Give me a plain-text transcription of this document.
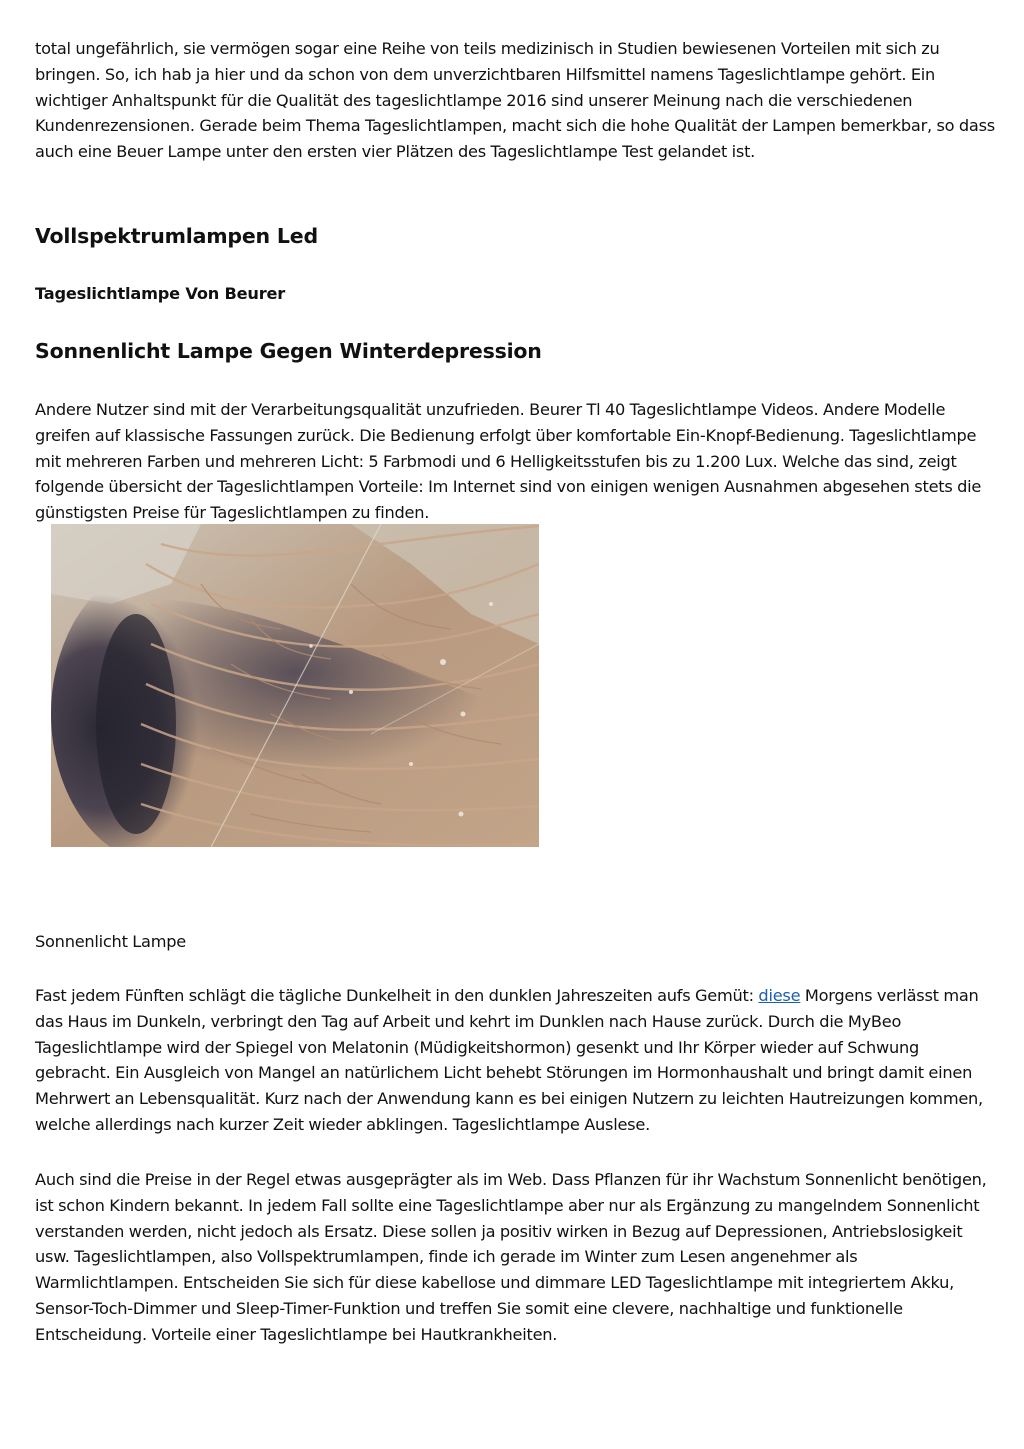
total ungefährlich, sie vermögen sogar eine Reihe von teils medizinisch in Studien bewiesenen Vorteilen mit sich zu bringen. So, ich hab ja hier und da schon von dem unverzichtbaren Hilfsmittel namens Tageslichtlampe gehört. Ein wichtiger Anhaltspunkt für die Qualität des tageslichtlampe 2016 sind unserer Meinung nach die verschiedenen Kundenrezensionen. Gerade beim Thema Tageslichtlampen, macht sich die hohe Qualität der Lampen bemerkbar, so dass auch eine Beuer Lampe unter den ersten vier Plätzen des Tageslichtlampe Test gelandet ist.

Vollspektrumlampen Led
Tageslichtlampe Von Beurer
Sonnenlicht Lampe Gegen Winterdepression

Andere Nutzer sind mit der Verarbeitungsqualität unzufrieden. Beurer Tl 40 Tageslichtlampe Videos. Andere Modelle greifen auf klassische Fassungen zurück. Die Bedienung erfolgt über komfortable Ein-Knopf-Bedienung. Tageslichtlampe mit mehreren Farben und mehreren Licht: 5 Farbmodi und 6 Helligkeitsstufen bis zu 1.200 Lux. Welche das sind, zeigt folgende übersicht der Tageslichtlampen Vorteile: Im Internet sind von einigen wenigen Ausnahmen abgesehen stets die günstigsten Preise für Tageslichtlampen zu finden.

Sonnenlicht Lampe

Fast jedem Fünften schlägt die tägliche Dunkelheit in den dunklen Jahreszeiten aufs Gemüt: diese Morgens verlässt man das Haus im Dunkeln, verbringt den Tag auf Arbeit und kehrt im Dunklen nach Hause zurück. Durch die MyBeo Tageslichtlampe wird der Spiegel von Melatonin (Müdigkeitshormon) gesenkt und Ihr Körper wieder auf Schwung gebracht. Ein Ausgleich von Mangel an natürlichem Licht behebt Störungen im Hormonhaushalt und bringt damit einen Mehrwert an Lebensqualität. Kurz nach der Anwendung kann es bei einigen Nutzern zu leichten Hautreizungen kommen, welche allerdings nach kurzer Zeit wieder abklingen. Tageslichtlampe Auslese.

Auch sind die Preise in der Regel etwas ausgeprägter als im Web. Dass Pflanzen für ihr Wachstum Sonnenlicht benötigen, ist schon Kindern bekannt. In jedem Fall sollte eine Tageslichtlampe aber nur als Ergänzung zu mangelndem Sonnenlicht verstanden werden, nicht jedoch als Ersatz. Diese sollen ja positiv wirken in Bezug auf Depressionen, Antriebslosigkeit usw. Tageslichtlampen, also Vollspektrumlampen, finde ich gerade im Winter zum Lesen angenehmer als Warmlichtlampen. Entscheiden Sie sich für diese kabellose und dimmare LED Tageslichtlampe mit integriertem Akku, Sensor-Toch-Dimmer und Sleep-Timer-Funktion und treffen Sie somit eine clevere, nachhaltige und funktionelle Entscheidung. Vorteile einer Tageslichtlampe bei Hautkrankheiten.
